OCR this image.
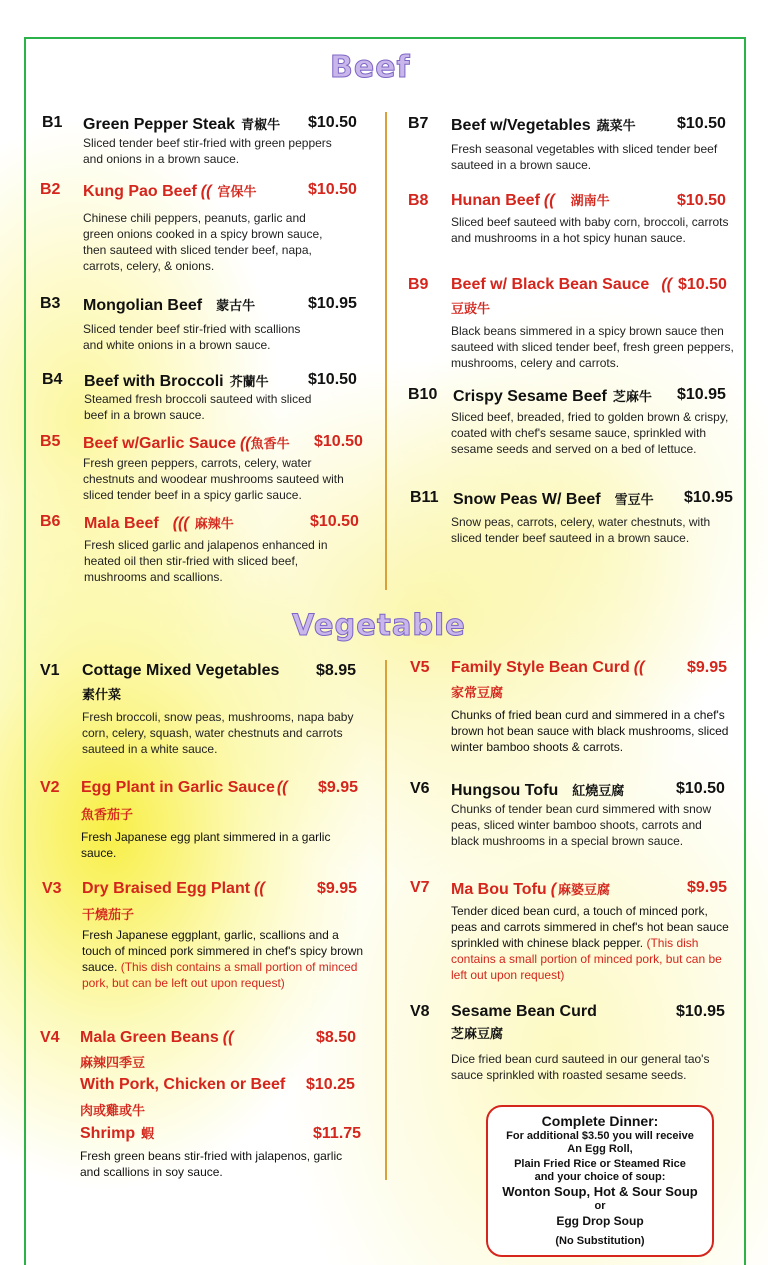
Beef
B1 Green Pepper Steak 青椒牛 $10.50
Sliced tender beef stir-fried with green peppers and onions in a brown sauce.
B2 Kung Pao Beef (( 宫保牛	$10.50
Chinese chili peppers, peanuts, garlic and green onions cooked in a spicy brown sauce, then sauteed with sliced tender beef, napa, carrots, celery, & onions.
B3 Mongolian Beef 蒙古牛	$10.95
Sliced tender beef stir-fried with scallions and white onions in a brown sauce.
B4 Beef with Broccoli 芥蘭牛 $10.50
Steamed fresh broccoli sauteed with sliced beef in a brown sauce.
B5 Beef w/Garlic Sauce ((魚香牛 $10.50
Fresh green peppers, carrots, celery, water chestnuts and woodear mushrooms sauteed with sliced tender beef in a spicy garlic sauce.
B6 Mala Beef ((( 麻辣牛	$10.50
Fresh sliced garlic and jalapenos enhanced in heated oil then stir-fried with sliced beef, mushrooms and scallions.
B7 Beef w/Vegetables 蔬菜牛	$10.50
Fresh seasonal vegetables with sliced tender beef sauteed in a brown sauce.
B8 Hunan Beef (( 湖南牛	$10.50
Sliced beef sauteed with baby corn, broccoli, carrots and mushrooms in a hot spicy hunan sauce.
B9 Beef w/ Black Bean Sauce (( $10.50
豆豉牛
Black beans simmered in a spicy brown sauce then sauteed with sliced tender beef, fresh green peppers, mushrooms, celery and carrots.
B10 Crispy Sesame Beef 芝麻牛 $10.95
Sliced beef, breaded, fried to golden brown & crispy, coated with chef's sesame sauce, sprinkled with sesame seeds and served on a bed of lettuce.
B11 Snow Peas W/ Beef 雪豆牛 $10.95
Snow peas, carrots, celery, water chestnuts, with sliced tender beef sauteed in a brown sauce.
Vegetable
V1 Cottage Mixed Vegetables $8.95
素什菜
Fresh broccoli, snow peas, mushrooms, napa baby corn, celery, squash, water chestnuts and carrots sauteed in a white sauce.
V2 Egg Plant in Garlic Sauce (( $9.95
魚香茄子
Fresh Japanese egg plant simmered in a garlic sauce.
V3 Dry Braised Egg Plant ((	$9.95
干燒茄子
Fresh Japanese eggplant, garlic, scallions and a touch of minced pork simmered in chef's spicy brown sauce. (This dish contains a small portion of minced pork, but can be left out upon request)
V4 Mala Green Beans ((	$8.50
麻辣四季豆
With Pork, Chicken or Beef $10.25
肉或雞或牛
Shrimp 蝦	$11.75
Fresh green beans stir-fried with jalapenos, garlic and scallions in soy sauce.
V5 Family Style Bean Curd ((	$9.95
家常豆腐
Chunks of fried bean curd and simmered in a chef's brown hot bean sauce with black mushrooms, sliced winter bamboo shoots & carrots.
V6 Hungsou Tofu 紅燒豆腐	$10.50
Chunks of tender bean curd simmered with snow peas, sliced winter bamboo shoots, carrots and black mushrooms in a special brown sauce.
V7 Ma Bou Tofu ( 麻婆豆腐	$9.95
Tender diced bean curd, a touch of minced pork, peas and carrots simmered in chef's hot bean sauce sprinkled with chinese black pepper. (This dish contains a small portion of minced pork, but can be left out upon request)
V8 Sesame Bean Curd	$10.95
芝麻豆腐
Dice fried bean curd sauteed in our general tao's sauce sprinkled with roasted sesame seeds.
Complete Dinner:
For additional $3.50 you will receive
An Egg Roll,
Plain Fried Rice or Steamed Rice
and your choice of soup:
Wonton Soup, Hot & Sour Soup
or
Egg Drop Soup
(No Substitution)
